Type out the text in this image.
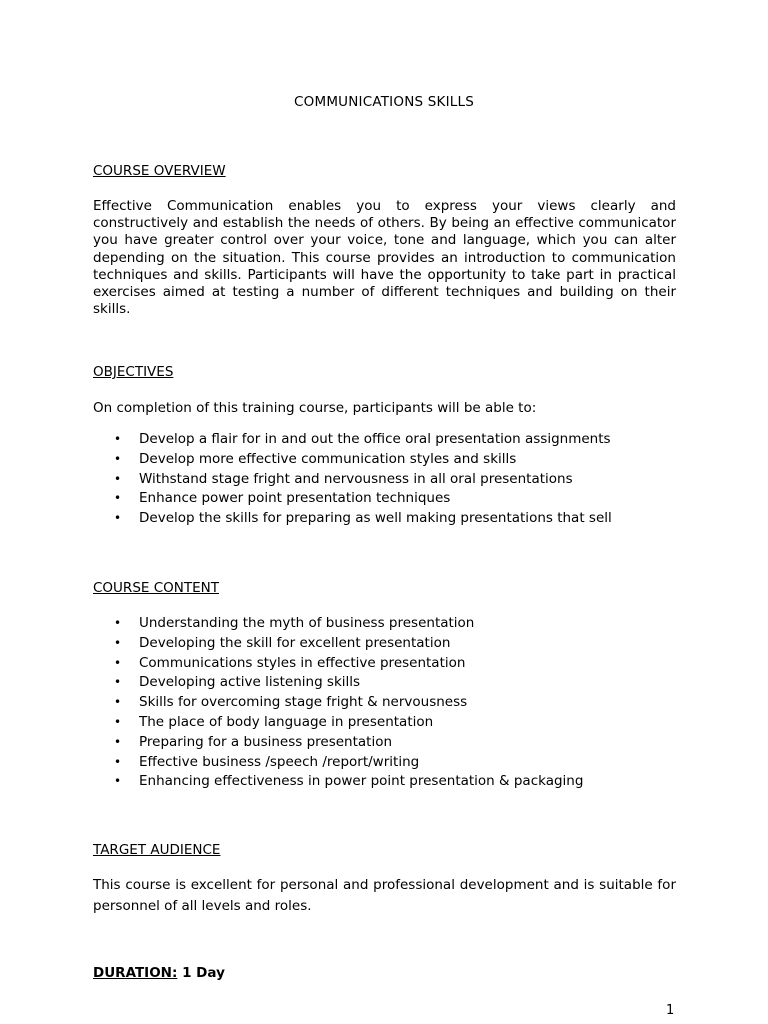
COMMUNICATIONS SKILLS
COURSE OVERVIEW

Effective Communication enables you to express your views clearly and constructively and establish the needs of others. By being an effective communicator you have greater control over your voice, tone and language, which you can alter depending on the situation. This course provides an introduction to communication techniques and skills. Participants will have the opportunity to take part in practical exercises aimed at testing a number of different techniques and building on their skills.

OBJECTIVES

On completion of this training course, participants will be able to:

• Develop a flair for in and out the office oral presentation assignments
• Develop more effective communication styles and skills
• Withstand stage fright and nervousness in all oral presentations
• Enhance power point presentation techniques
• Develop the skills for preparing as well making presentations that sell
COURSE CONTENT
• Understanding the myth of business presentation
• Developing the skill for excellent presentation
• Communications styles in effective presentation
• Developing active listening skills
• Skills for overcoming stage fright & nervousness
• The place of body language in presentation
• Preparing for a business presentation
• Effective business /speech /report/writing
• Enhancing effectiveness in power point presentation & packaging
TARGET AUDIENCE

This course is excellent for personal and professional development and is suitable for personnel of all levels and roles.

DURATION: 1 Day
1
